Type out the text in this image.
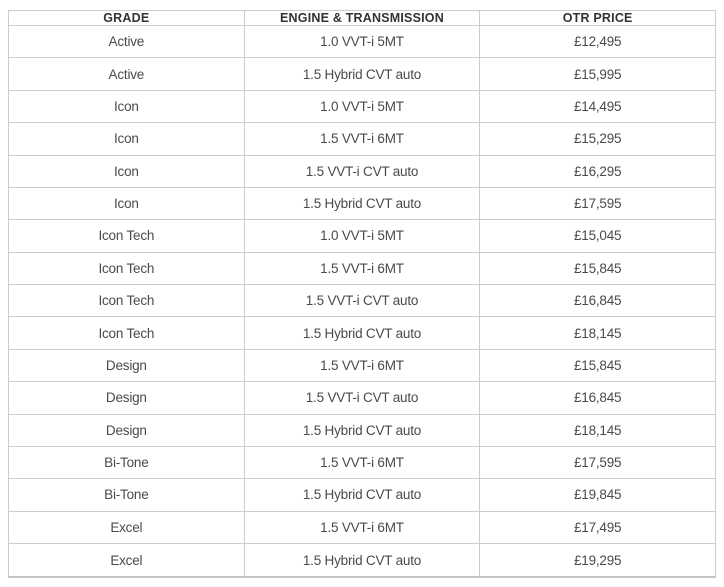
GRADE	ENGINE & TRANSMISSION	OTR PRICE
Active	1.0 VVT-i 5MT	£12,495
Active	1.5 Hybrid CVT auto	£15,995
Icon	1.0 VVT-i 5MT	£14,495
Icon	1.5 VVT-i 6MT	£15,295
Icon	1.5 VVT-i CVT auto	£16,295
Icon	1.5 Hybrid CVT auto	£17,595
Icon Tech	1.0 VVT-i 5MT	£15,045
Icon Tech	1.5 VVT-i 6MT	£15,845
Icon Tech	1.5 VVT-i CVT auto	£16,845
Icon Tech	1.5 Hybrid CVT auto	£18,145
Design	1.5 VVT-i 6MT	£15,845
Design	1.5 VVT-i CVT auto	£16,845
Design	1.5 Hybrid CVT auto	£18,145
Bi-Tone	1.5 VVT-i 6MT	£17,595
Bi-Tone	1.5 Hybrid CVT auto	£19,845
Excel	1.5 VVT-i 6MT	£17,495
Excel	1.5 Hybrid CVT auto	£19,295
